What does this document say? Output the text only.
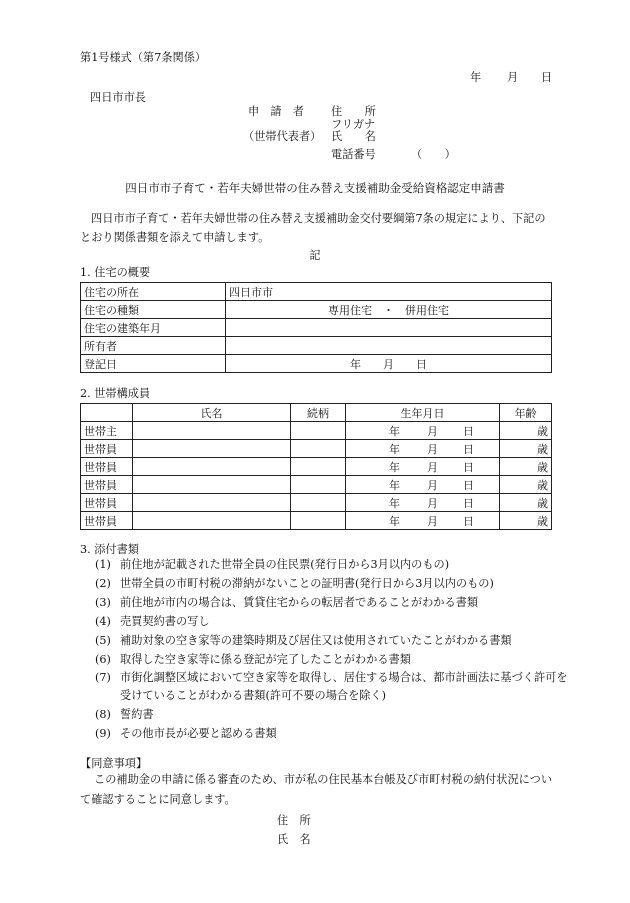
第1号様式（第7条関係）
年 月 日
四日市市長
申　請　者
（世帯代表者）
住　　所
フリガナ
氏　　名
電話番号	（　　）
四日市市子育て・若年夫婦世帯の住み替え支援補助金受給資格認定申請書
四日市市子育て・若年夫婦世帯の住み替え支援補助金交付要綱第7条の規定により、下記のとおり関係書類を添えて申請します。
記
1. 住宅の概要
住宅の所在	四日市市
住宅の種類	専用住宅　・　併用住宅
住宅の建築年月	
所有者	
登記日	年　　月　　日
2. 世帯構成員
	氏名	続柄	生年月日	年齢
世帯主			年 月 日	歳
世帯員			年 月 日	歳
世帯員			年 月 日	歳
世帯員			年 月 日	歳
世帯員			年 月 日	歳
世帯員			年 月 日	歳
3. 添付書類
(1) 前住地が記載された世帯全員の住民票(発行日から3月以内のもの)
(2) 世帯全員の市町村税の滞納がないことの証明書(発行日から3月以内のもの)
(3) 前住地が市内の場合は、賃貸住宅からの転居者であることがわかる書類
(4) 売買契約書の写し
(5) 補助対象の空き家等の建築時期及び居住又は使用されていたことがわかる書類
(6) 取得した空き家等に係る登記が完了したことがわかる書類
(7) 市街化調整区域において空き家等を取得し、居住する場合は、都市計画法に基づく許可を受けていることがわかる書類(許可不要の場合を除く)
(8) 誓約書
(9) その他市長が必要と認める書類
【同意事項】
この補助金の申請に係る審査のため、市が私の住民基本台帳及び市町村税の納付状況について確認することに同意します。
住　所
氏　名
